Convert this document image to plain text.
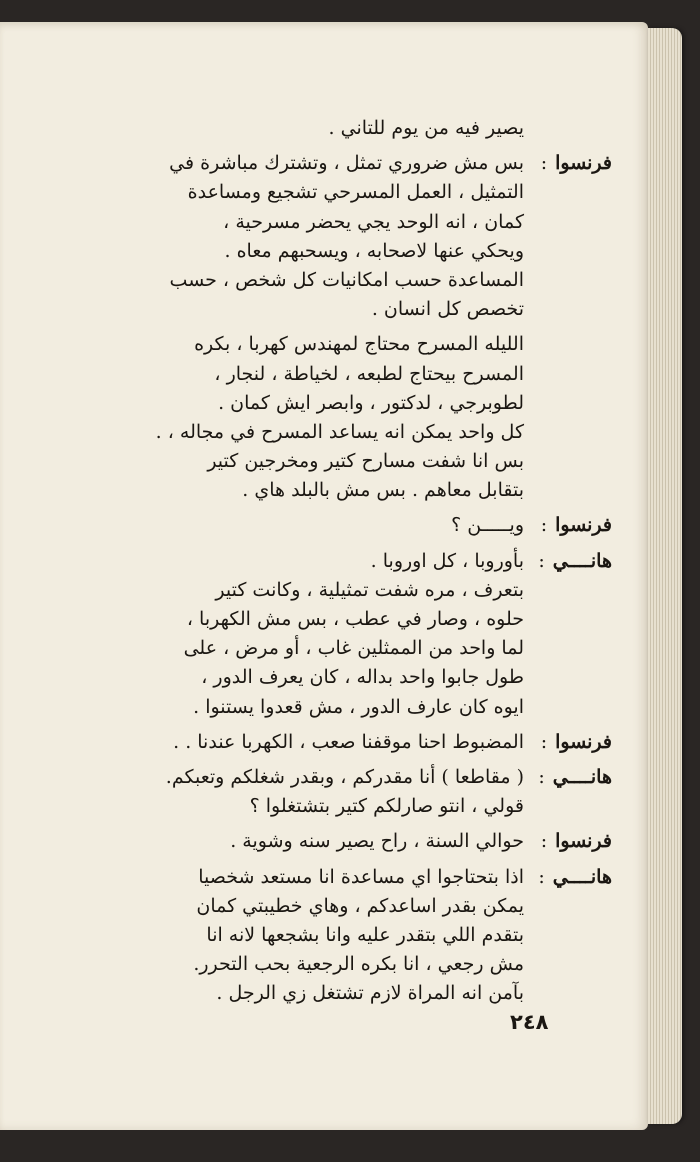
يصير فيه من يوم للتاني .
فرنسوا:
بس مش ضروري تمثل ، وتشترك مباشرة في
التمثيل ، العمل المسرحي تشجيع ومساعدة
كمان ، انه الوحد يجي يحضر مسرحية ،
ويحكي عنها لاصحابه ، ويسحبهم معاه .
المساعدة حسب امكانيات كل شخص ، حسب
تخصص كل انسان .
الليله المسرح محتاج لمهندس كهربا ، بكره
المسرح بيحتاج لطبعه ، لخياطة ، لنجار ،
لطوبرجي ، لدكتور ، وابصر ايش كمان .
كل واحد يمكن انه يساعد المسرح في مجاله ، .
بس انا شفت مسارح كتير ومخرجين كتير
بتقابل معاهم . بس مش بالبلد هاي .
فرنسوا:
ويـــــن ؟
هانــــي:
بأوروبا ، كل اوروبا .
بتعرف ، مره شفت تمثيلية ، وكانت كتير
حلوه ، وصار في عطب ، بس مش الكهربا ،
لما واحد من الممثلين غاب ، أو مرض ، على
طول جابوا واحد بداله ، كان يعرف الدور ،
ايوه كان عارف الدور ، مش قعدوا يستنوا .
فرنسوا:
المضبوط احنا موقفنا صعب ، الكهربا عندنا . .
هانــــي:
( مقاطعا ) أنا مقدركم ، وبقدر شغلكم وتعبكم.
قولي ، انتو صارلكم كتير بتشتغلوا ؟
فرنسوا:
حوالي السنة ، راح يصير سنه وشوية .
هانــــي:
اذا بتحتاجوا اي مساعدة انا مستعد شخصيا
يمكن بقدر اساعدكم ، وهاي خطيبتي كمان
بتقدم اللي بتقدر عليه وانا بشجعها لانه انا
مش رجعي ، انا بكره الرجعية بحب التحرر.
بآمن انه المراة لازم تشتغل زي الرجل .
٢٤٨
